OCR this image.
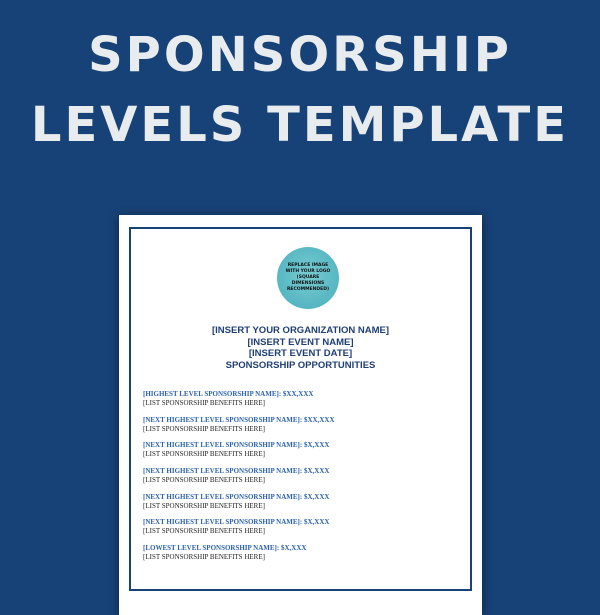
SPONSORSHIP
LEVELS TEMPLATE
REPLACE IMAGE WITH YOUR LOGO (SQUARE DIMENSIONS RECOMMENDED)
[INSERT YOUR ORGANIZATION NAME]
[INSERT EVENT NAME]
[INSERT EVENT DATE]
SPONSORSHIP OPPORTUNITIES
[HIGHEST LEVEL SPONSORSHIP NAME]: $XX,XXX
[LIST SPONSORSHIP BENEFITS HERE]
[NEXT HIGHEST LEVEL SPONSORSHIP NAME]: $XX,XXX
[LIST SPONSORSHIP BENEFITS HERE]
[NEXT HIGHEST LEVEL SPONSORSHIP NAME]: $X,XXX
[LIST SPONSORSHIP BENEFITS HERE]
[NEXT HIGHEST LEVEL SPONSORSHIP NAME]: $X,XXX
[LIST SPONSORSHIP BENEFITS HERE]
[NEXT HIGHEST LEVEL SPONSORSHIP NAME]: $X,XXX
[LIST SPONSORSHIP BENEFITS HERE]
[NEXT HIGHEST LEVEL SPONSORSHIP NAME]: $X,XXX
[LIST SPONSORSHIP BENEFITS HERE]
[LOWEST LEVEL SPONSORSHIP NAME]: $X,XXX
[LIST SPONSORSHIP BENEFITS HERE]
